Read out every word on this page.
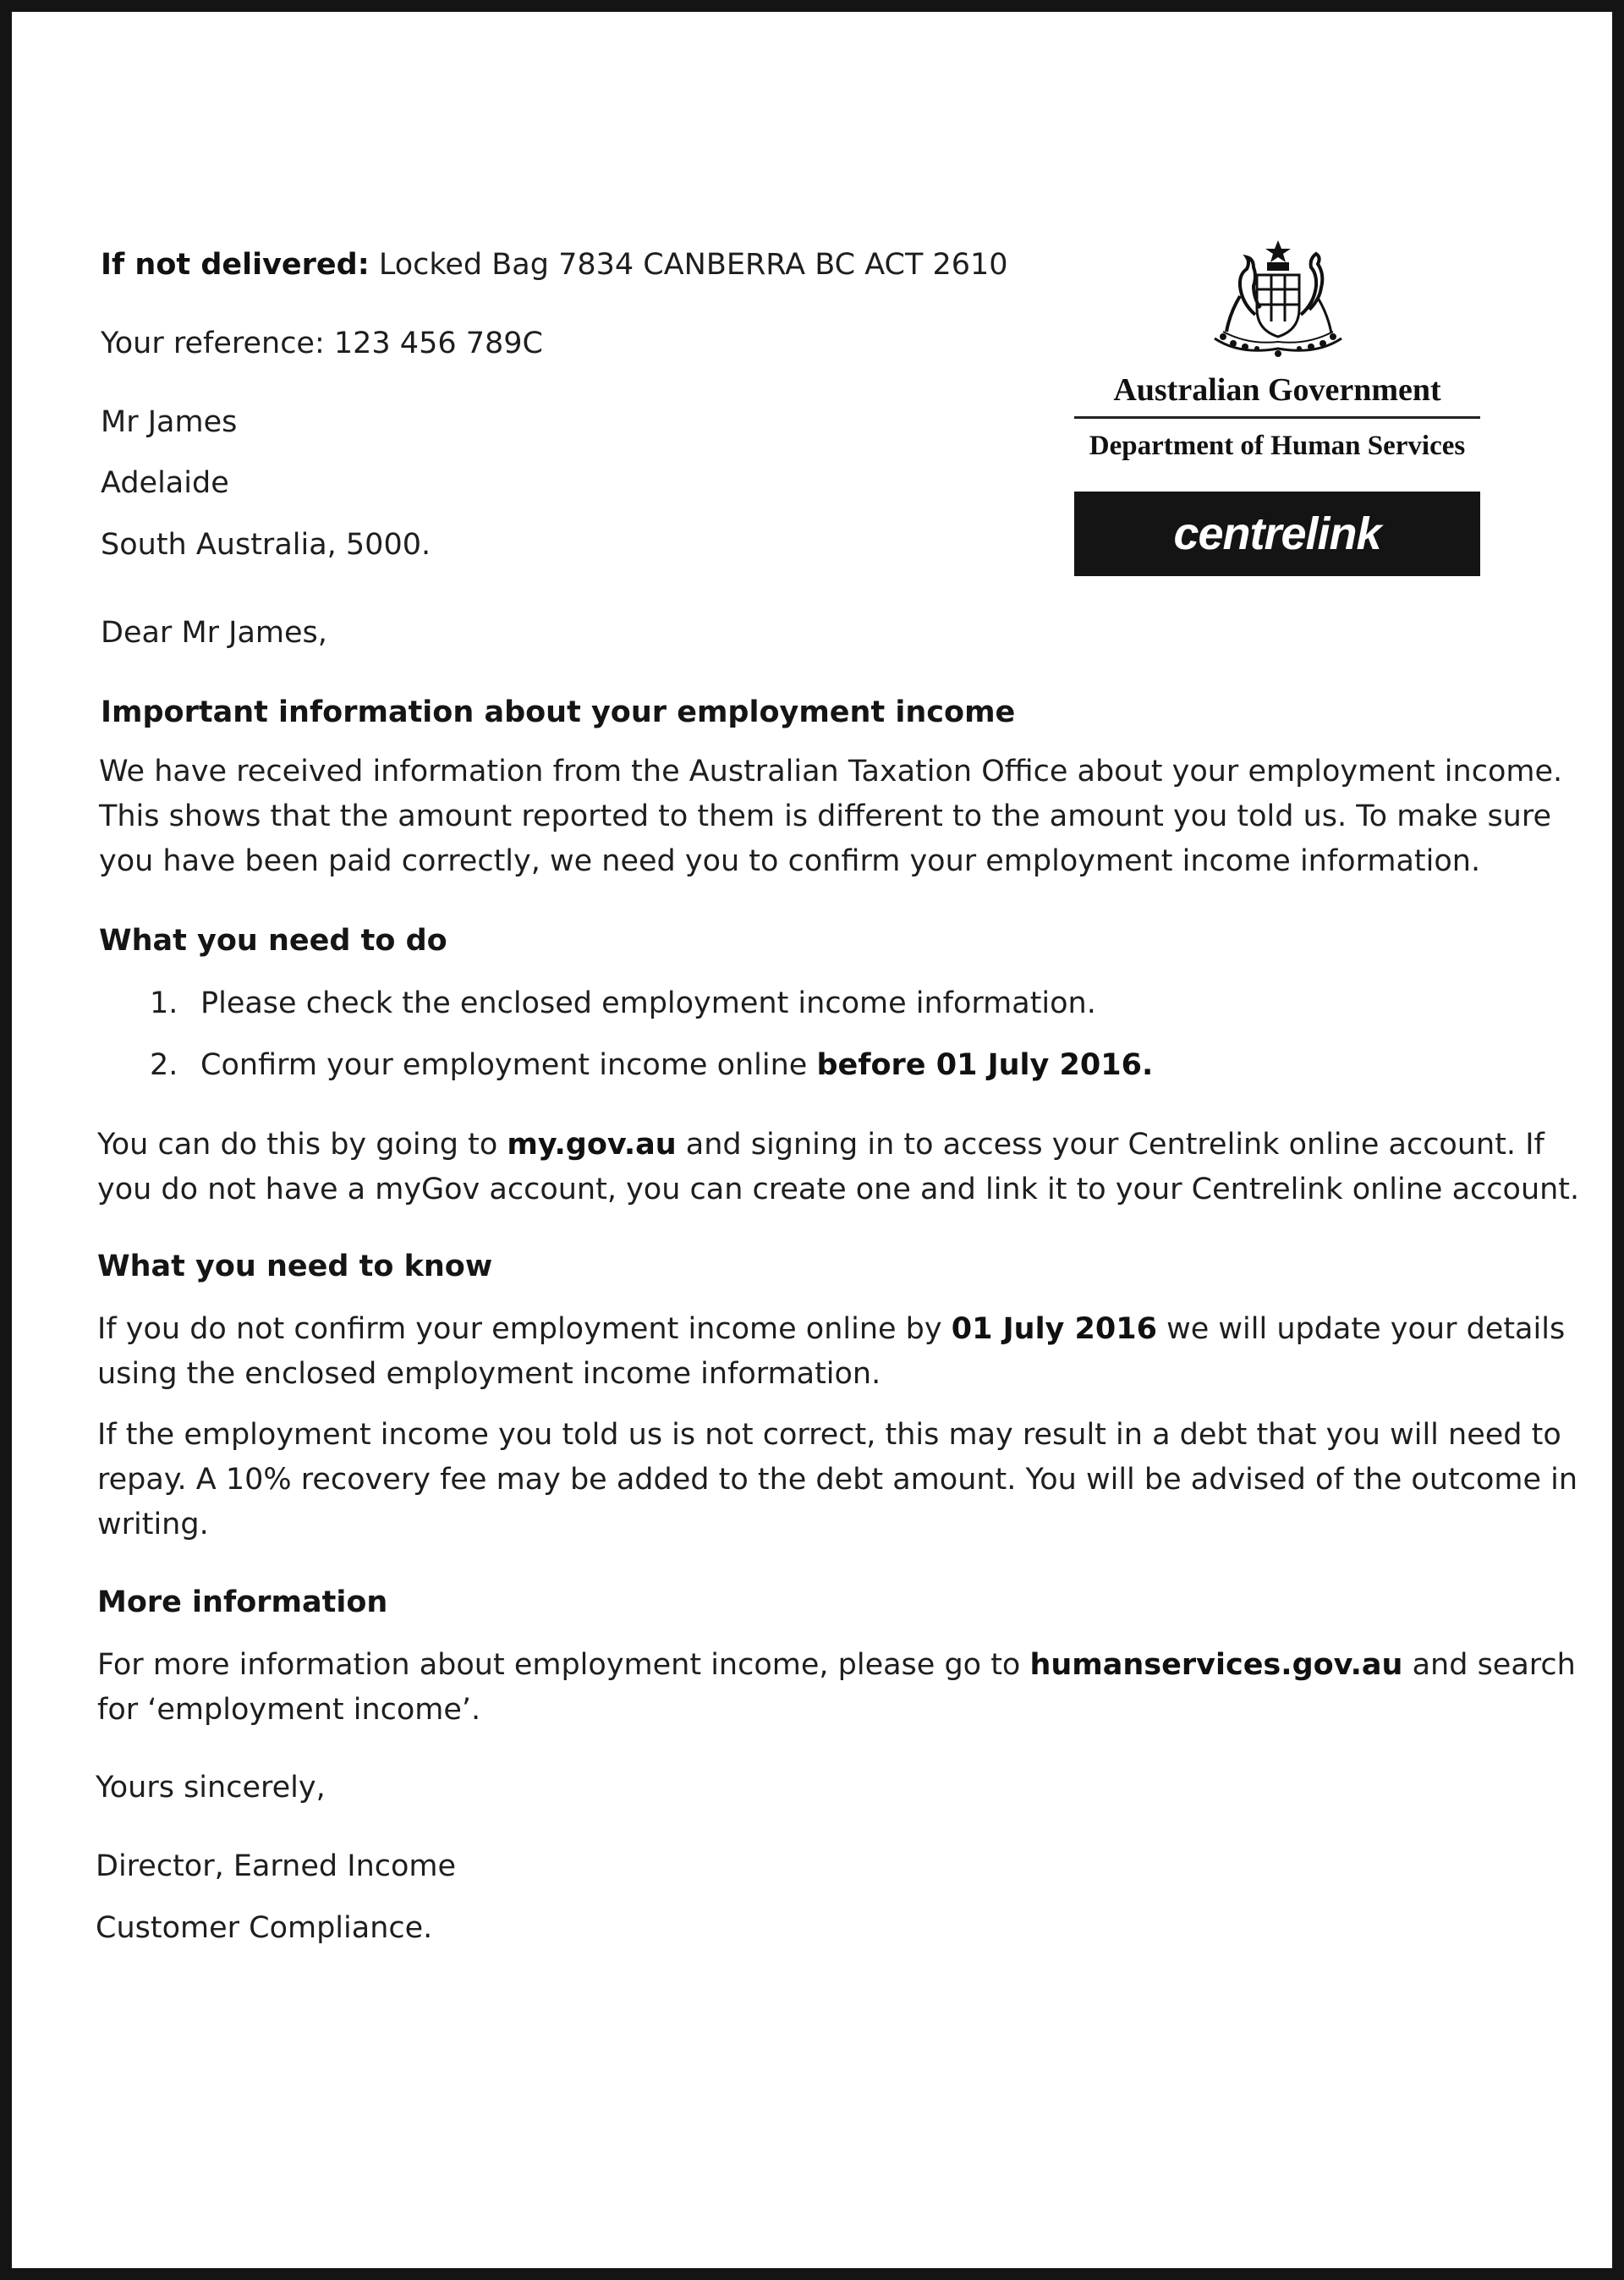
If not delivered: Locked Bag 7834 CANBERRA BC ACT 2610
Your reference: 123 456 789C
Mr James
Adelaide
South Australia, 5000.
Australian Government
Department of Human Services
centrelink
Dear Mr James,
Important information about your employment income
We have received information from the Australian Taxation Office about your employment income. This shows that the amount reported to them is different to the amount you told us. To make sure you have been paid correctly, we need you to confirm your employment income information.
What you need to do
1. Please check the enclosed employment income information.
2. Confirm your employment income online before 01 July 2016.
You can do this by going to my.gov.au and signing in to access your Centrelink online account. If you do not have a myGov account, you can create one and link it to your Centrelink online account.
What you need to know
If you do not confirm your employment income online by 01 July 2016 we will update your details using the enclosed employment income information.
If the employment income you told us is not correct, this may result in a debt that you will need to repay. A 10% recovery fee may be added to the debt amount. You will be advised of the outcome in writing.
More information
For more information about employment income, please go to humanservices.gov.au and search for ‘employment income’.
Yours sincerely,
Director, Earned Income
Customer Compliance.
